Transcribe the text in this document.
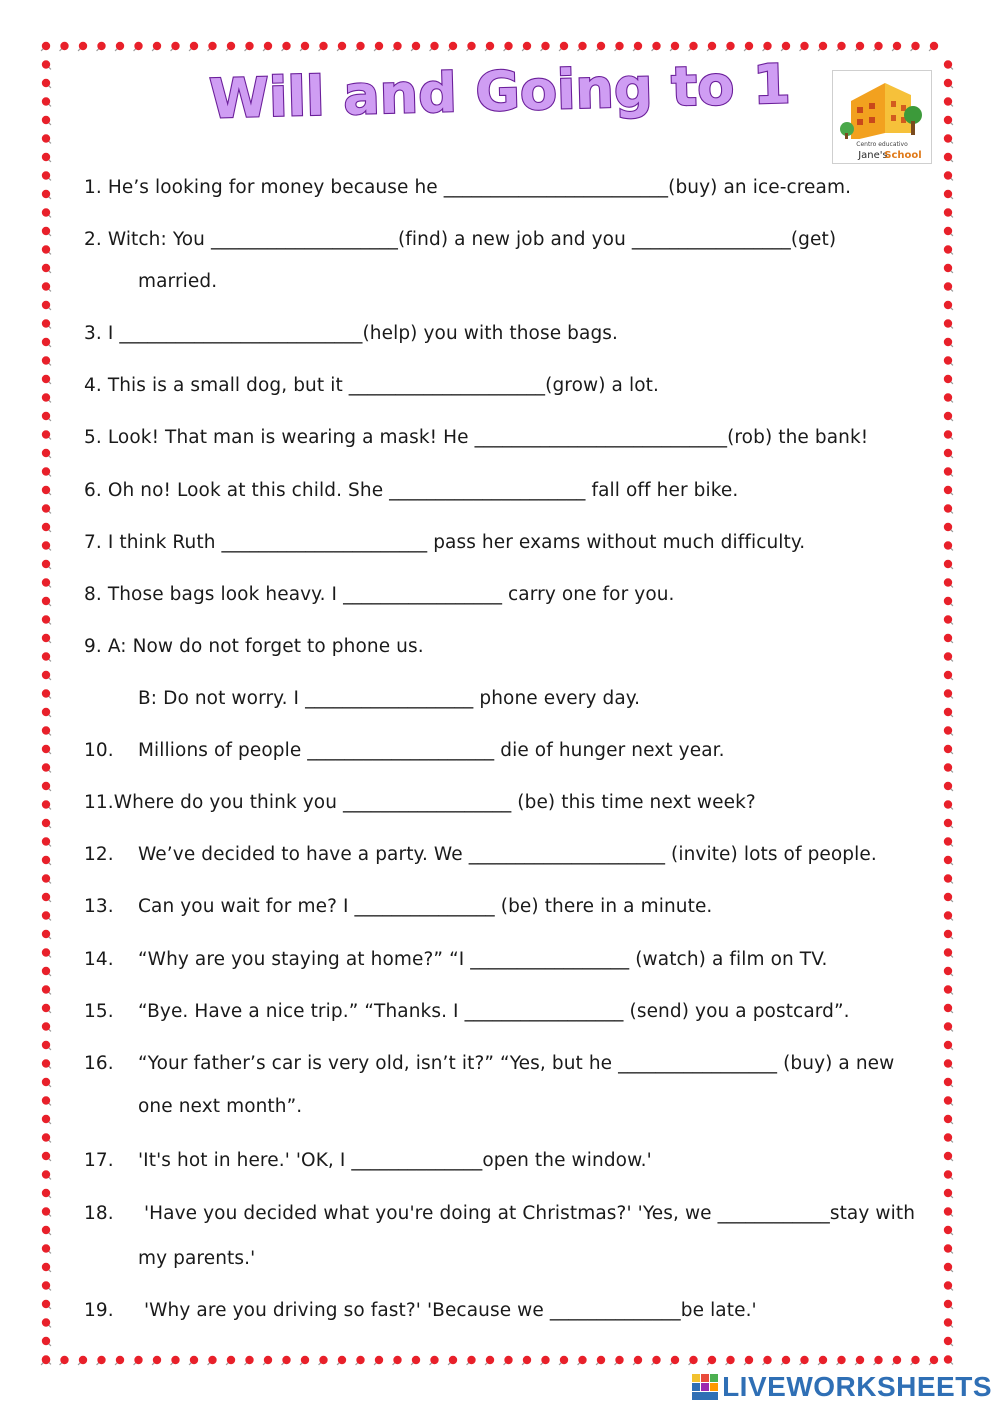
Will and Going to 1
Centro educativo
Jane's
School
1. He’s looking for money because he ________________________(buy) an ice-cream.
2. Witch: You ____________________(find) a new job and you _________________(get)
married.
3. I __________________________(help) you with those bags.
4. This is a small dog, but it _____________________(grow) a lot.
5. Look! That man is wearing a mask! He ___________________________(rob) the bank!
6. Oh no! Look at this child. She _____________________ fall off her bike.
7. I think Ruth ______________________ pass her exams without much difficulty.
8. Those bags look heavy. I _________________ carry one for you.
9. A: Now do not forget to phone us.
B: Do not worry. I __________________ phone every day.
10. Millions of people ____________________ die of hunger next year.
11.Where do you think you __________________ (be) this time next week?
12. We’ve decided to have a party. We _____________________ (invite) lots of people.
13. Can you wait for me? I _______________ (be) there in a minute.
14. “Why are you staying at home?” “I _________________ (watch) a film on TV.
15. “Bye. Have a nice trip.” “Thanks. I _________________ (send) you a postcard”.
16. “Your father’s car is very old, isn’t it?” “Yes, but he _________________ (buy) a new
one next month”.
17. 'It's hot in here.' 'OK, I ______________open the window.'
18. 'Have you decided what you're doing at Christmas?' 'Yes, we ____________stay with
my parents.'
19. 'Why are you driving so fast?' 'Because we ______________be late.'
LIVEWORKSHEETS
